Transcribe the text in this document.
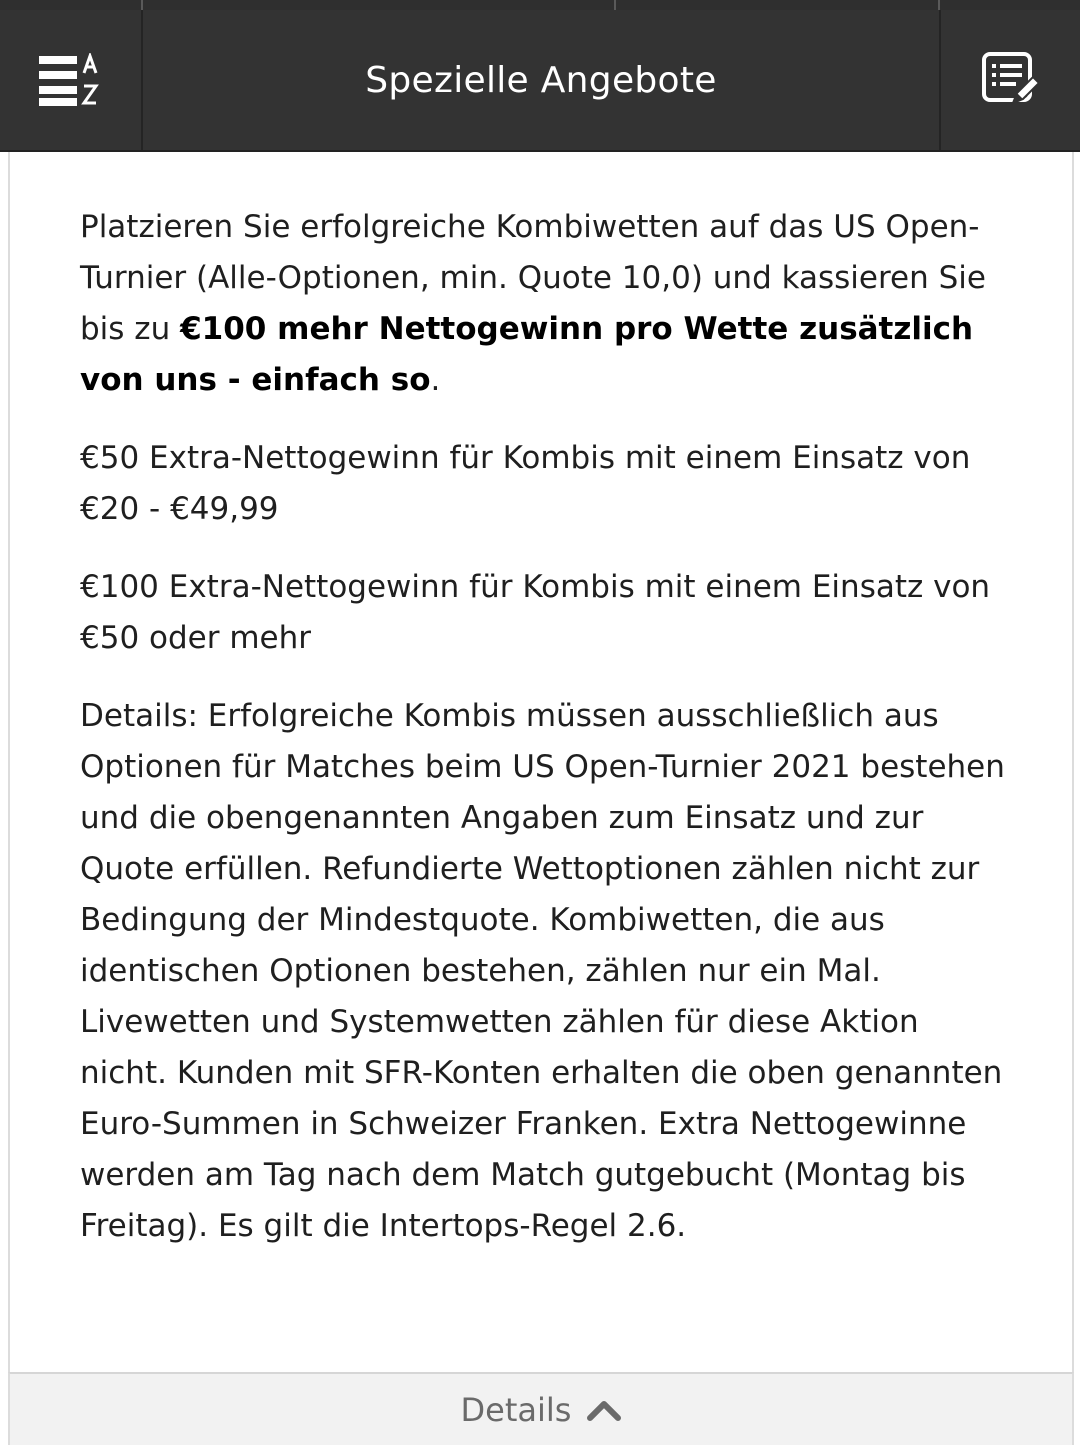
Spezielle Angebote

Platzieren Sie erfolgreiche Kombiwetten auf das US Open-Turnier (Alle-Optionen, min. Quote 10,0) und kassieren Sie bis zu €100 mehr Nettogewinn pro Wette zusätzlich von uns - einfach so.

€50 Extra-Nettogewinn für Kombis mit einem Einsatz von €20 - €49,99

€100 Extra-Nettogewinn für Kombis mit einem Einsatz von €50 oder mehr

Details: Erfolgreiche Kombis müssen ausschließlich aus Optionen für Matches beim US Open-Turnier 2021 bestehen und die obengenannten Angaben zum Einsatz und zur Quote erfüllen. Refundierte Wettoptionen zählen nicht zur Bedingung der Mindestquote. Kombiwetten, die aus identischen Optionen bestehen, zählen nur ein Mal. Livewetten und Systemwetten zählen für diese Aktion nicht. Kunden mit SFR-Konten erhalten die oben genannten Euro-Summen in Schweizer Franken. Extra Nettogewinne werden am Tag nach dem Match gutgebucht (Montag bis Freitag). Es gilt die Intertops-Regel 2.6.

Details
